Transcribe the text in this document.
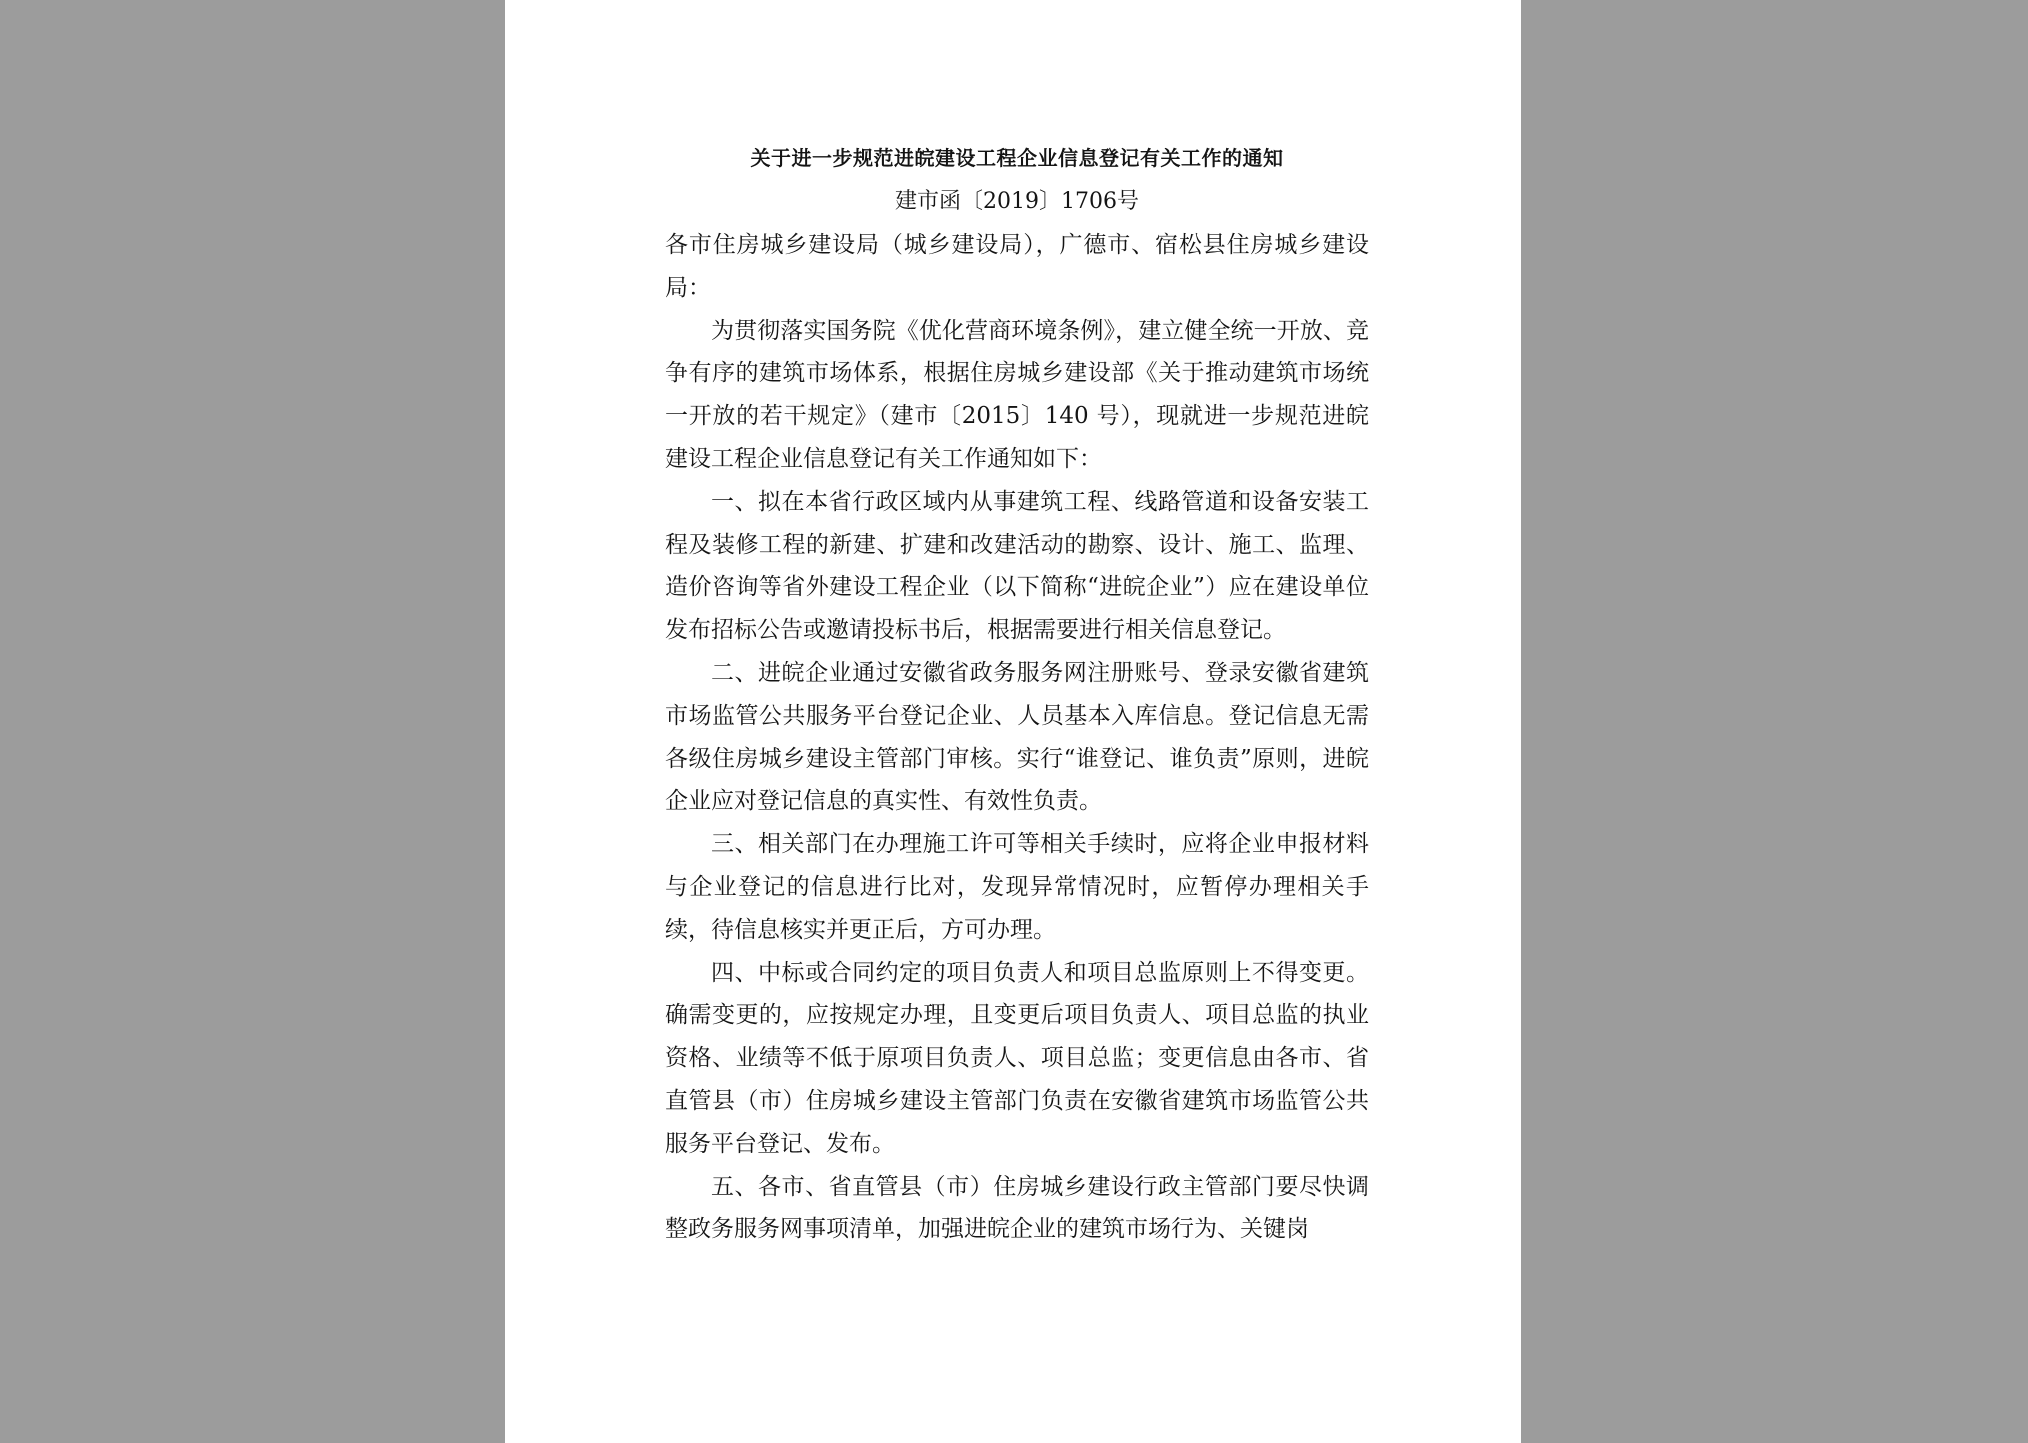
关于进一步规范进皖建设工程企业信息登记有关工作的通知

建市函〔2019〕1706号

各市住房城乡建设局（城乡建设局），广德市、宿松县住房城乡建设局：

为贯彻落实国务院《优化营商环境条例》，建立健全统一开放、竞争有序的建筑市场体系，根据住房城乡建设部《关于推动建筑市场统一开放的若干规定》（建市〔2015〕140 号），现就进一步规范进皖建设工程企业信息登记有关工作通知如下：

一、拟在本省行政区域内从事建筑工程、线路管道和设备安装工程及装修工程的新建、扩建和改建活动的勘察、设计、施工、监理、造价咨询等省外建设工程企业（以下简称“进皖企业”）应在建设单位发布招标公告或邀请投标书后，根据需要进行相关信息登记。

二、进皖企业通过安徽省政务服务网注册账号、登录安徽省建筑市场监管公共服务平台登记企业、人员基本入库信息。登记信息无需各级住房城乡建设主管部门审核。实行“谁登记、谁负责”原则，进皖企业应对登记信息的真实性、有效性负责。

三、相关部门在办理施工许可等相关手续时，应将企业申报材料与企业登记的信息进行比对，发现异常情况时，应暂停办理相关手续，待信息核实并更正后，方可办理。

四、中标或合同约定的项目负责人和项目总监原则上不得变更。确需变更的，应按规定办理，且变更后项目负责人、项目总监的执业资格、业绩等不低于原项目负责人、项目总监；变更信息由各市、省直管县（市）住房城乡建设主管部门负责在安徽省建筑市场监管公共服务平台登记、发布。

五、各市、省直管县（市）住房城乡建设行政主管部门要尽快调整政务服务网事项清单，加强进皖企业的建筑市场行为、关键岗
